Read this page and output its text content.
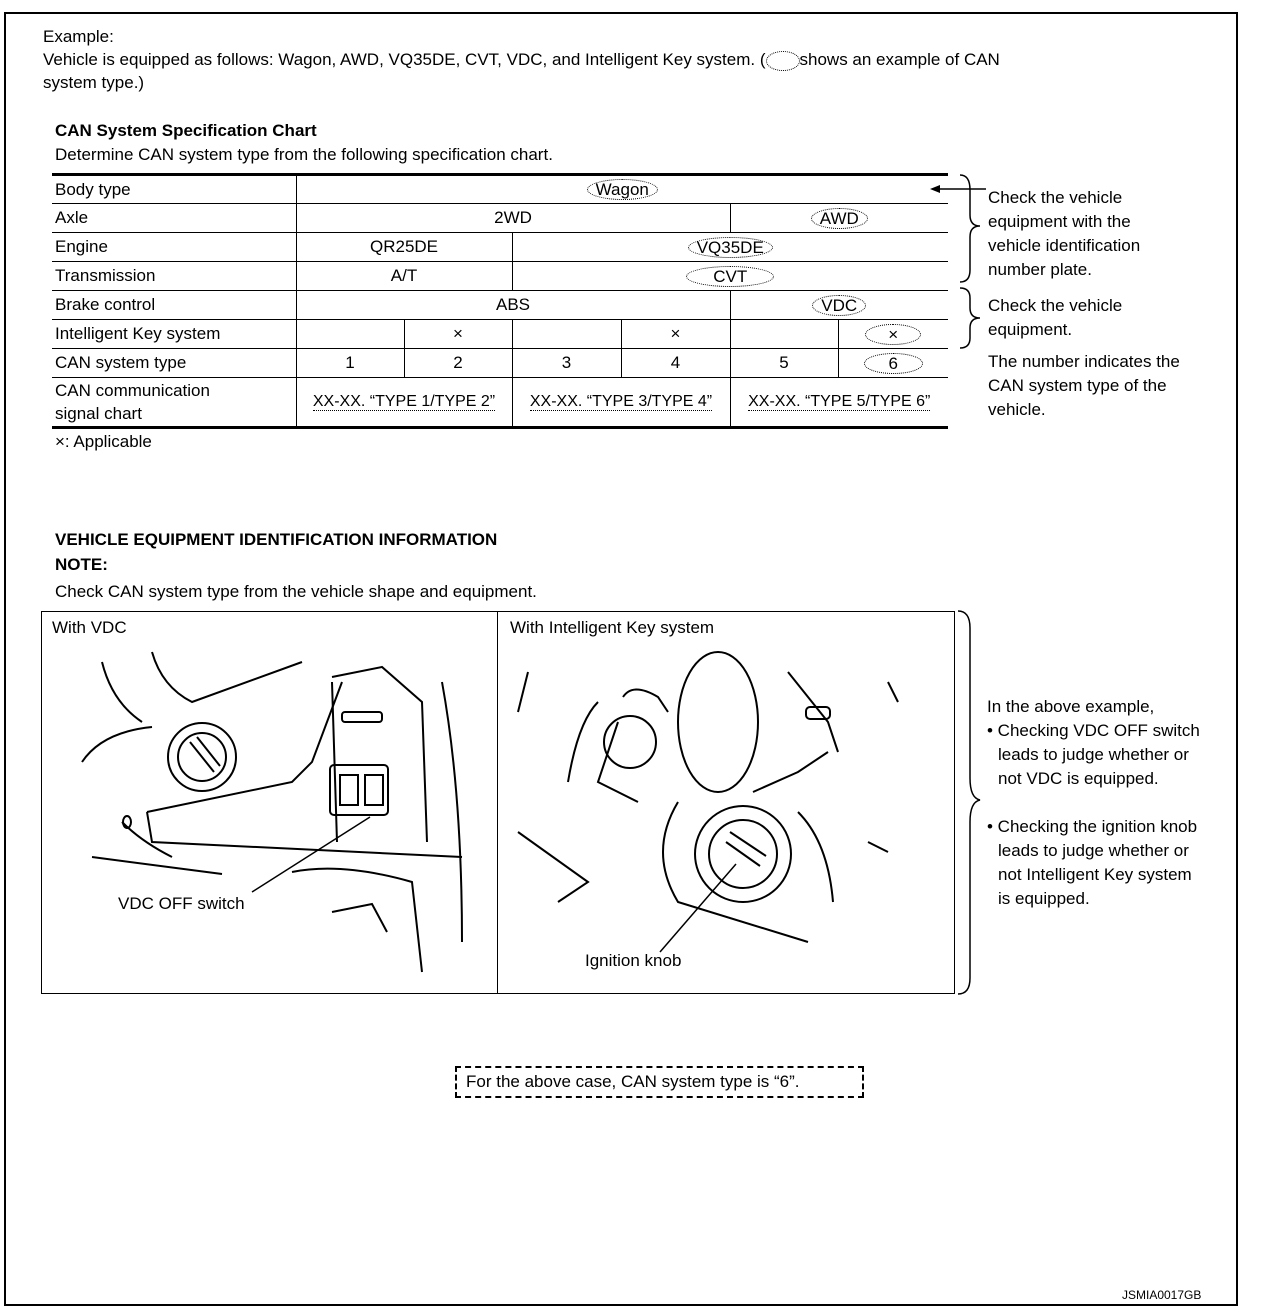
Example:
Vehicle is equipped as follows: Wagon, AWD, VQ35DE, CVT, VDC, and Intelligent Key system. ( shows an example of CAN
system type.)
CAN System Specification Chart
Determine CAN system type from the following specification chart.
Body type	Wagon					
Axle	2WD				AWD	
Engine	QR25DE		VQ35DE			
Transmission	A/T		CVT			
Brake control	ABS				VDC	
Intelligent Key system		×		×		×
CAN system type	1	2	3	4	5	6

CAN communication
signal chart	XX-XX. “TYPE 1/TYPE 2”		XX-XX. “TYPE 3/TYPE 4”		XX-XX. “TYPE 5/TYPE 6”	
×: Applicable
Check the vehicle
equipment with the
vehicle identification
number plate.
Check the vehicle
equipment.
The number indicates the
CAN system type of the
vehicle.
VEHICLE EQUIPMENT IDENTIFICATION INFORMATION
NOTE:
Check CAN system type from the vehicle shape and equipment.
With VDC	With Intelligent Key system
VDC OFF switch
Ignition knob
In the above example,
• Checking VDC OFF switch
leads to judge whether or
not VDC is equipped.
• Checking the ignition knob
leads to judge whether or
not Intelligent Key system
is equipped.
For the above case, CAN system type is “6”.
JSMIA0017GB
